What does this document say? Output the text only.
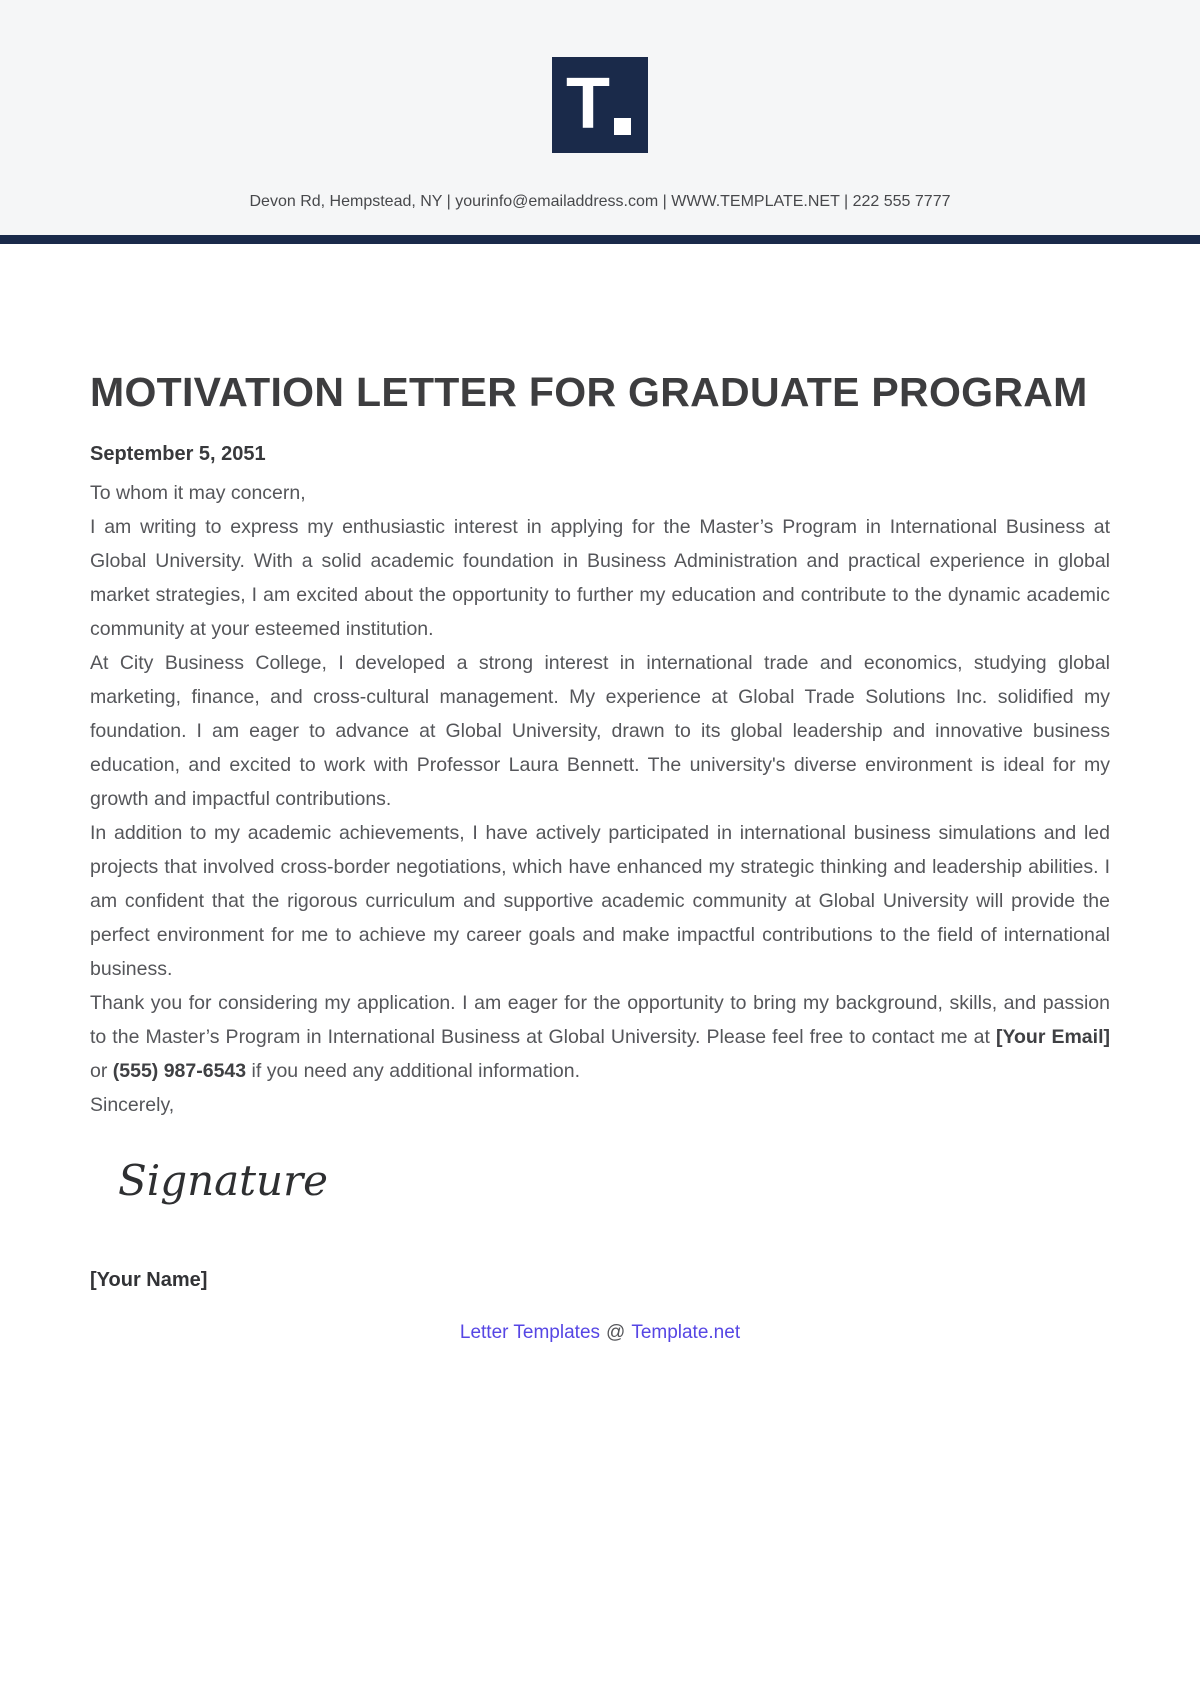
T
Devon Rd, Hempstead, NY | yourinfo@emailaddress.com | WWW.TEMPLATE.NET | 222 555 7777
MOTIVATION LETTER FOR GRADUATE PROGRAM
September 5, 2051

To whom it may concern,

I am writing to express my enthusiastic interest in applying for the Master’s Program in International Business at Global University. With a solid academic foundation in Business Administration and practical experience in global market strategies, I am excited about the opportunity to further my education and contribute to the dynamic academic community at your esteemed institution.

At City Business College, I developed a strong interest in international trade and economics, studying global marketing, finance, and cross-cultural management. My experience at Global Trade Solutions Inc. solidified my foundation. I am eager to advance at Global University, drawn to its global leadership and innovative business education, and excited to work with Professor Laura Bennett. The university's diverse environment is ideal for my growth and impactful contributions.

In addition to my academic achievements, I have actively participated in international business simulations and led projects that involved cross-border negotiations, which have enhanced my strategic thinking and leadership abilities. I am confident that the rigorous curriculum and supportive academic community at Global University will provide the perfect environment for me to achieve my career goals and make impactful contributions to the field of international business.

Thank you for considering my application. I am eager for the opportunity to bring my background, skills, and passion to the Master’s Program in International Business at Global University. Please feel free to contact me at [Your Email] or (555) 987-6543 if you need any additional information.

Sincerely,

Signature
[Your Name]
Letter Templates @ Template.net
